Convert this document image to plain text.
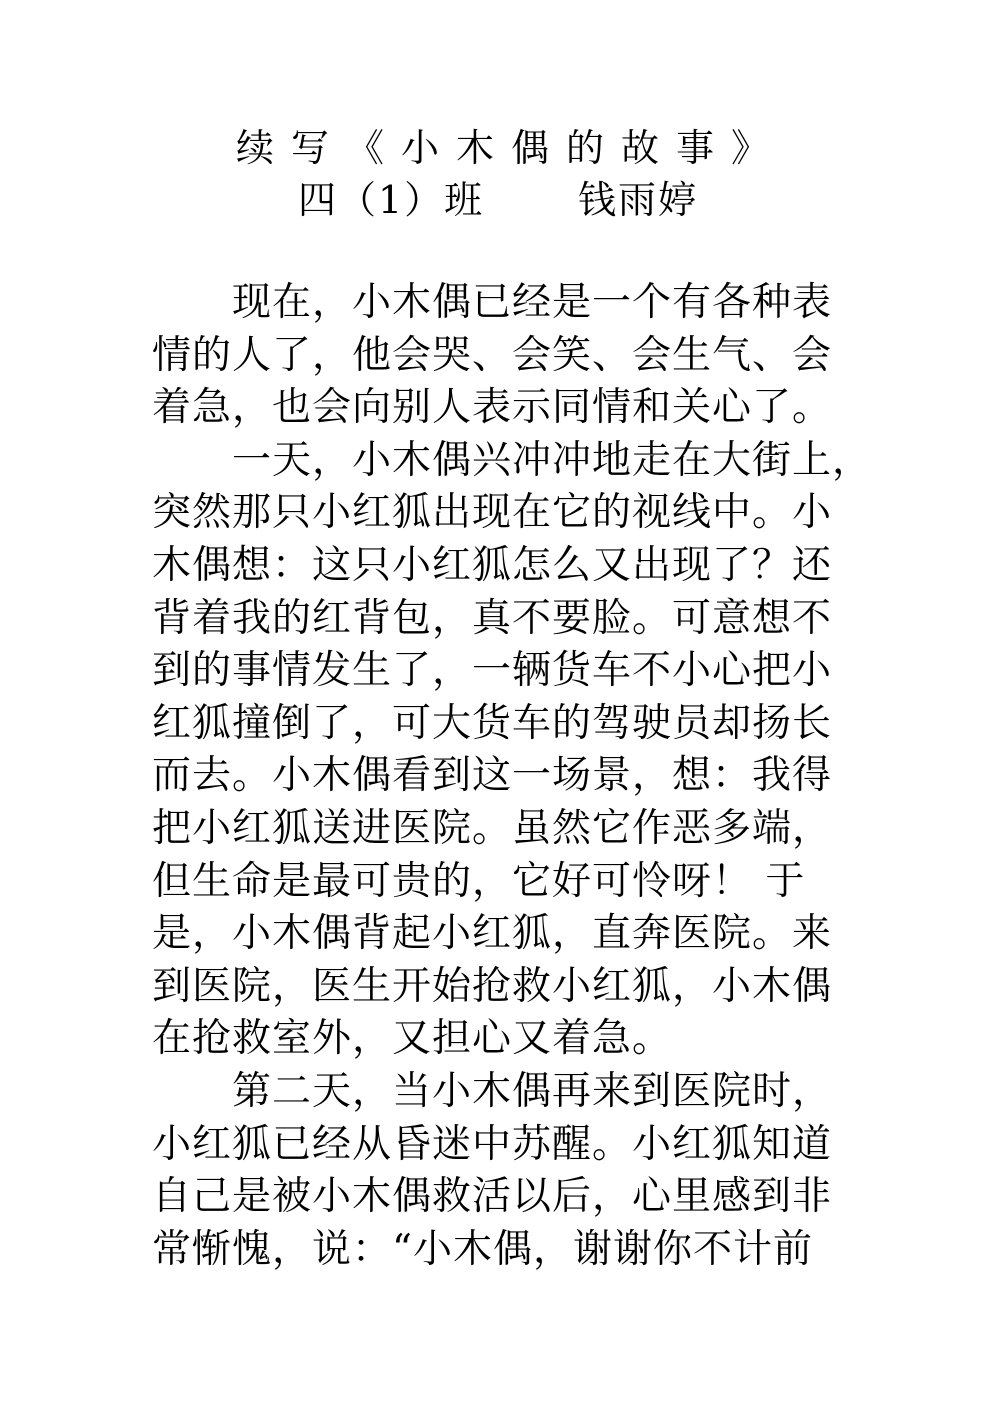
续写《小木偶的故事》
四（1）班 钱雨婷
现在，小木偶已经是一个有各种表
情的人了，他会哭、会笑、会生气、会
着急，也会向别人表示同情和关心了。
一天，小木偶兴冲冲地走在大街上，
突然那只小红狐出现在它的视线中。小
木偶想：这只小红狐怎么又出现了？还
背着我的红背包，真不要脸。可意想不
到的事情发生了，一辆货车不小心把小
红狐撞倒了，可大货车的驾驶员却扬长
而去。小木偶看到这一场景，想：我得
把小红狐送进医院。虽然它作恶多端，
但生命是最可贵的，它好可怜呀！ 于
是，小木偶背起小红狐，直奔医院。来
到医院，医生开始抢救小红狐，小木偶
在抢救室外，又担心又着急。
第二天，当小木偶再来到医院时，
小红狐已经从昏迷中苏醒。小红狐知道
自己是被小木偶救活以后，心里感到非
常惭愧，说：“小木偶，谢谢你不计前
